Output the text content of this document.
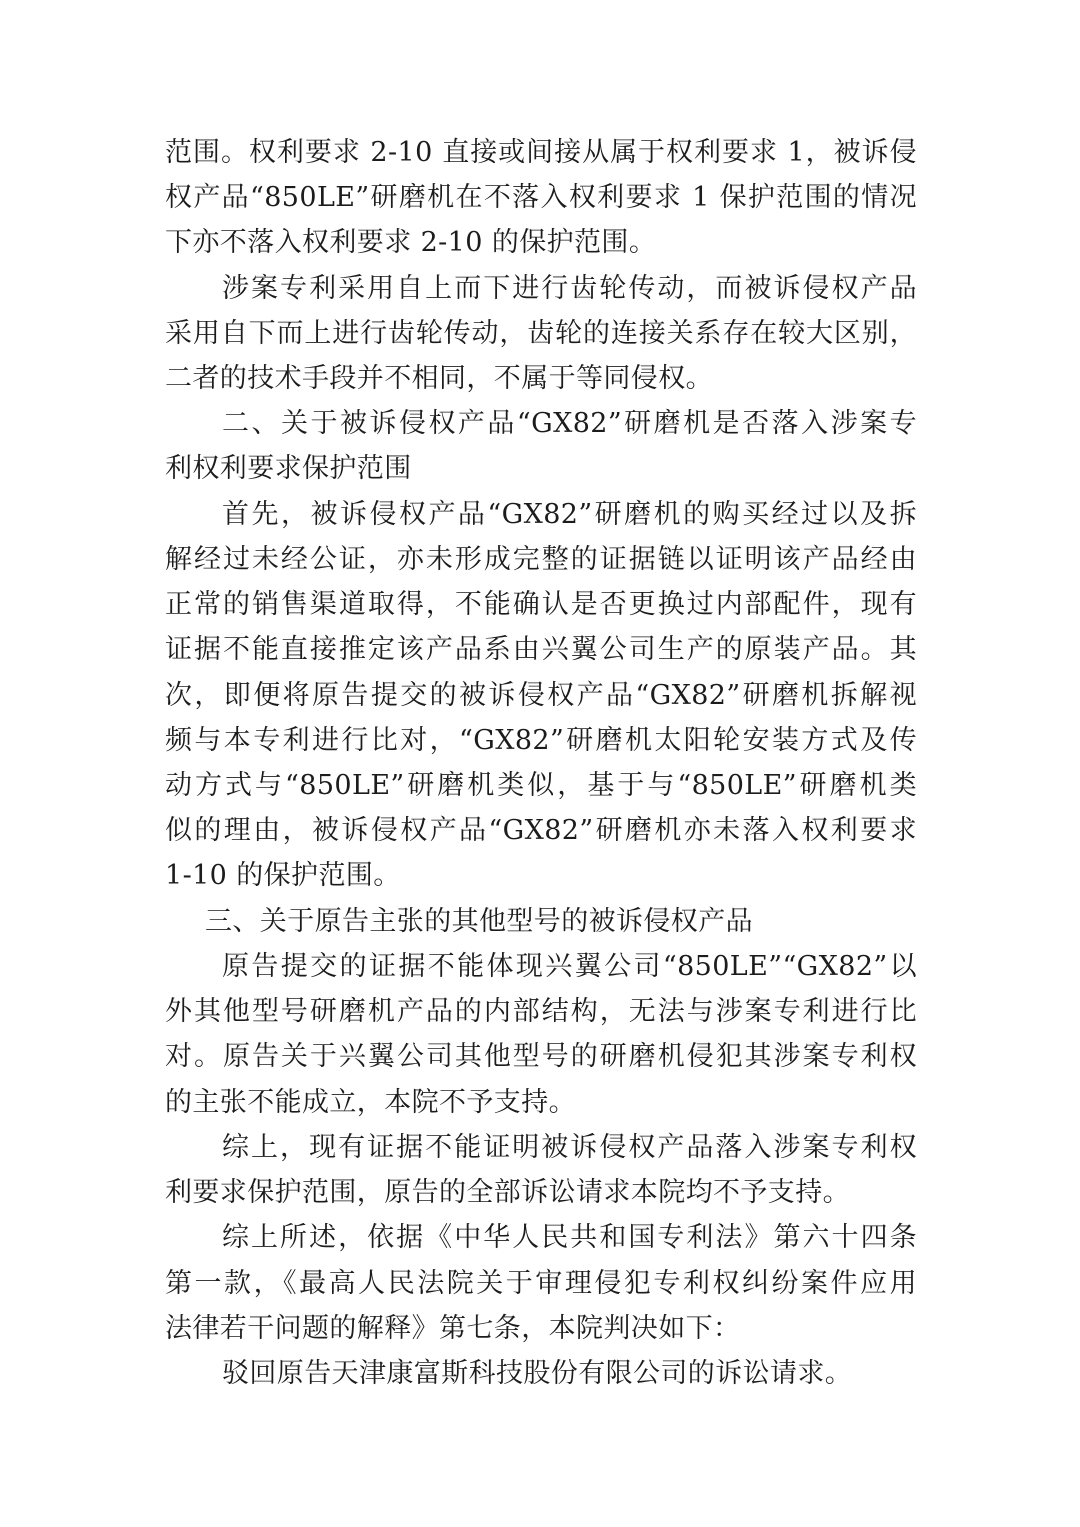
范围。权利要求 2-10 直接或间接从属于权利要求 1，被诉侵
权产品“850LE”研磨机在不落入权利要求 1 保护范围的情况
下亦不落入权利要求 2-10 的保护范围。
涉案专利采用自上而下进行齿轮传动，而被诉侵权产品
采用自下而上进行齿轮传动，齿轮的连接关系存在较大区别，
二者的技术手段并不相同，不属于等同侵权。
二、关于被诉侵权产品“GX82”研磨机是否落入涉案专
利权利要求保护范围
首先，被诉侵权产品“GX82”研磨机的购买经过以及拆
解经过未经公证，亦未形成完整的证据链以证明该产品经由
正常的销售渠道取得，不能确认是否更换过内部配件，现有
证据不能直接推定该产品系由兴翼公司生产的原装产品。其
次，即便将原告提交的被诉侵权产品“GX82”研磨机拆解视
频与本专利进行比对，“GX82”研磨机太阳轮安装方式及传
动方式与“850LE”研磨机类似，基于与“850LE”研磨机类
似的理由，被诉侵权产品“GX82”研磨机亦未落入权利要求
1-10 的保护范围。
三、关于原告主张的其他型号的被诉侵权产品
原告提交的证据不能体现兴翼公司“850LE”“GX82”以
外其他型号研磨机产品的内部结构，无法与涉案专利进行比
对。原告关于兴翼公司其他型号的研磨机侵犯其涉案专利权
的主张不能成立，本院不予支持。
综上，现有证据不能证明被诉侵权产品落入涉案专利权
利要求保护范围，原告的全部诉讼请求本院均不予支持。
综上所述，依据《中华人民共和国专利法》第六十四条
第一款，《最高人民法院关于审理侵犯专利权纠纷案件应用
法律若干问题的解释》第七条，本院判决如下：
驳回原告天津康富斯科技股份有限公司的诉讼请求。
